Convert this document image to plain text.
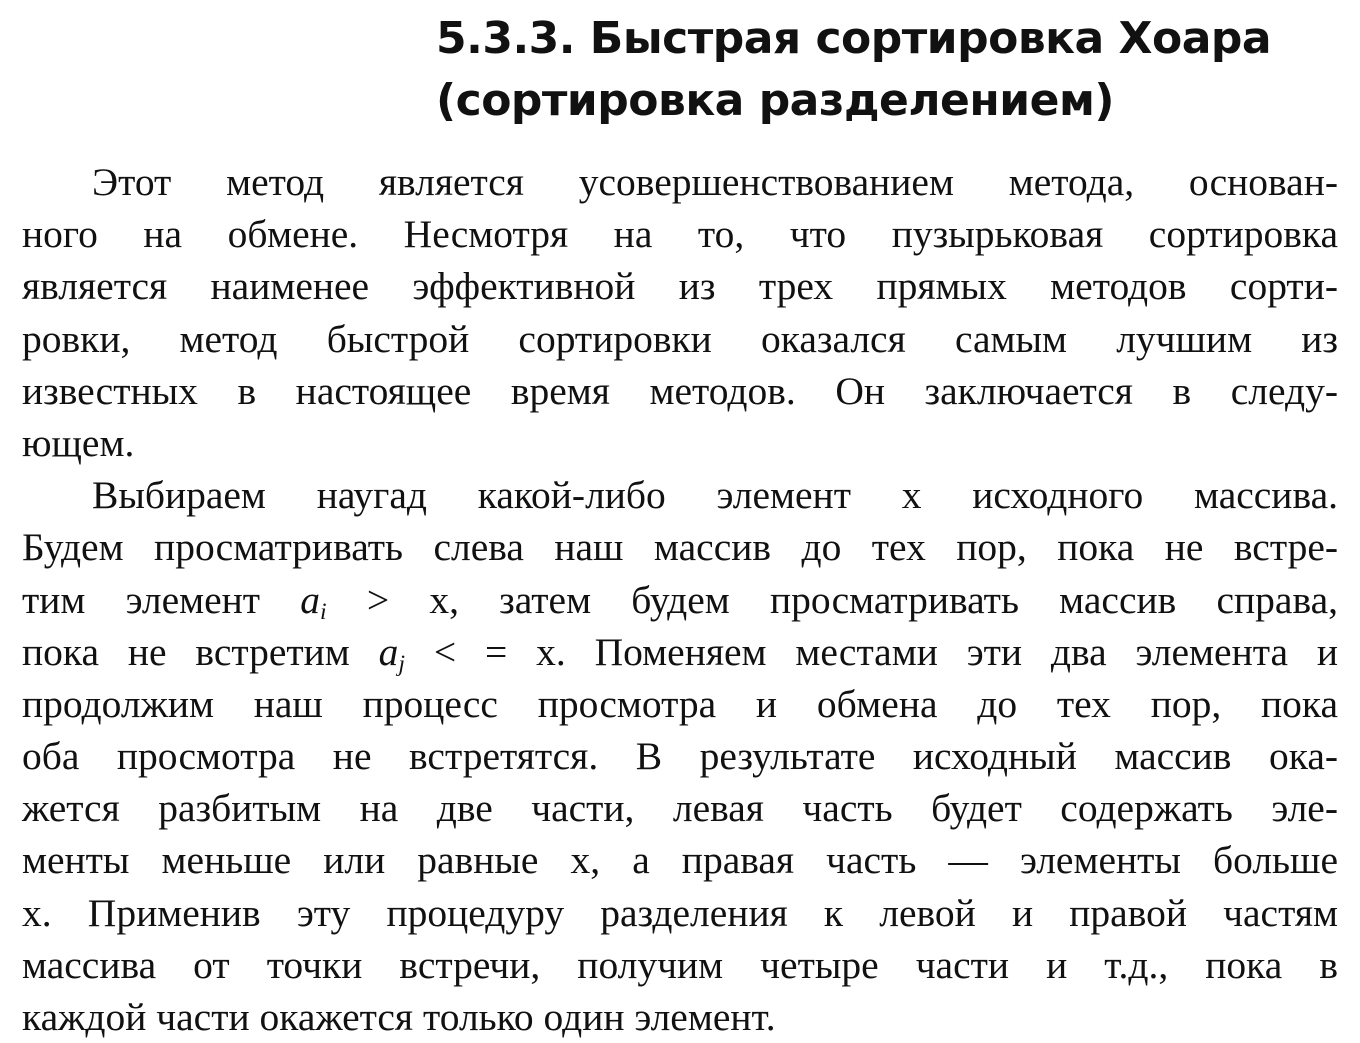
5.3.3. Быстрая сортировка Хоара
(сортировка разделением)
Этот метод является усовершенствованием метода, основан-
ного на обмене. Несмотря на то, что пузырьковая сортировка
является наименее эффективной из трех прямых методов сорти-
ровки, метод быстрой сортировки оказался самым лучшим из
известных в настоящее время методов. Он заключается в следу-
ющем.
Выбираем наугад какой-либо элемент x исходного массива.
Будем просматривать слева наш массив до тех пор, пока не встре-
тим элемент $a_i > x$, затем будем просматривать массив справа,
пока не встретим $a_j$ < = x. Поменяем местами эти два элемента и
продолжим наш процесс просмотра и обмена до тех пор, пока
оба просмотра не встретятся. В результате исходный массив ока-
жется разбитым на две части, левая часть будет содержать эле-
менты меньше или равные x, а правая часть — элементы больше
x. Применив эту процедуру разделения к левой и правой частям
массива от точки встречи, получим четыре части и т.д., пока в
каждой части окажется только один элемент.
